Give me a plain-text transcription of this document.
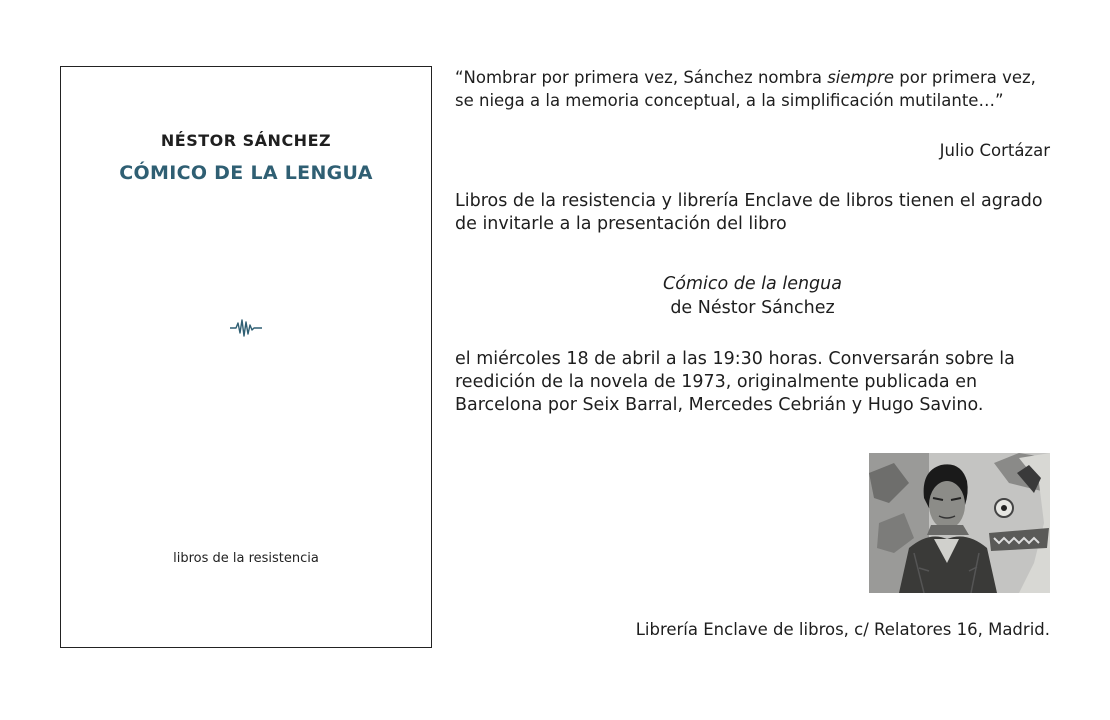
NÉSTOR SÁNCHEZ
CÓMICO DE LA LENGUA
libros de la resistencia

“Nombrar por primera vez, Sánchez nombra siempre por primera vez, se niega a la memoria conceptual, a la simplificación mutilante…”

Julio Cortázar

Libros de la resistencia y librería Enclave de libros tienen el agrado de invitarle a la presentación del libro

Cómico de la lengua
de Néstor Sánchez

el miércoles 18 de abril a las 19:30 horas. Conversarán sobre la reedición de la novela de 1973, originalmente publicada en Barcelona por Seix Barral, Mercedes Cebrián y Hugo Savino.

Librería Enclave de libros, c/ Relatores 16, Madrid.
